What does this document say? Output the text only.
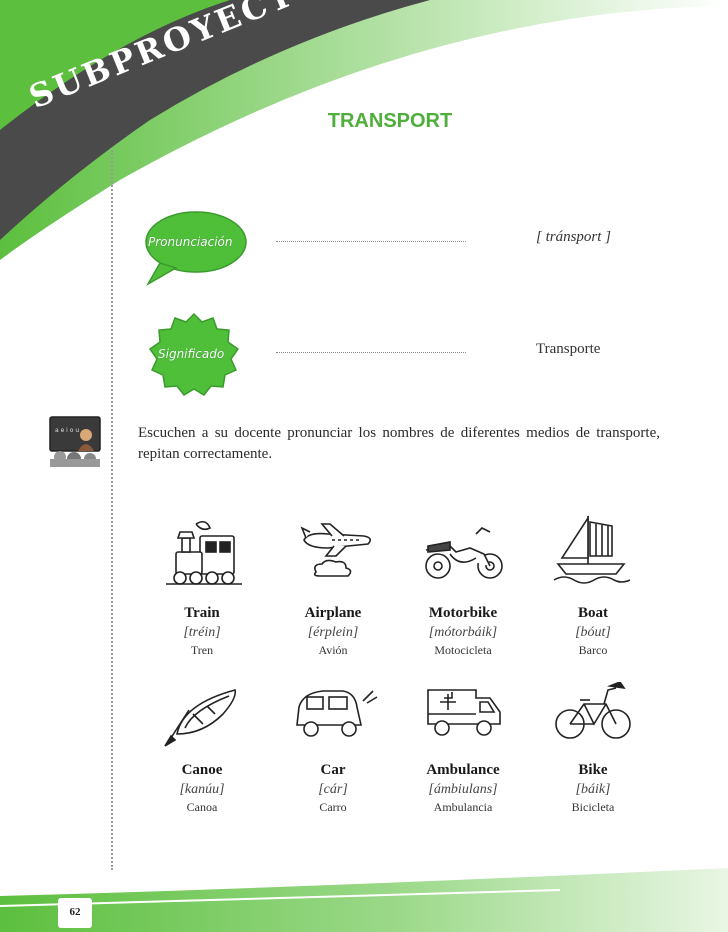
TRANSPORT
Pronunciación	[ tránsport ]
Significado	Transporte
a e i o u	Escuchen a su docente pronunciar los nombres de diferentes medios de transporte, repitan correctamente.
Train
[tréin]
Tren
Airplane
[érplein]
Avión
Motorbike
[mótorbáik]
Motocicleta
Boat
[bóut]
Barco
Canoe
[kanúu]
Canoa
Car
[cár]
Carro
Ambulance
[ámbiulans]
Ambulancia
Bike
[báik]
Bicicleta
62
